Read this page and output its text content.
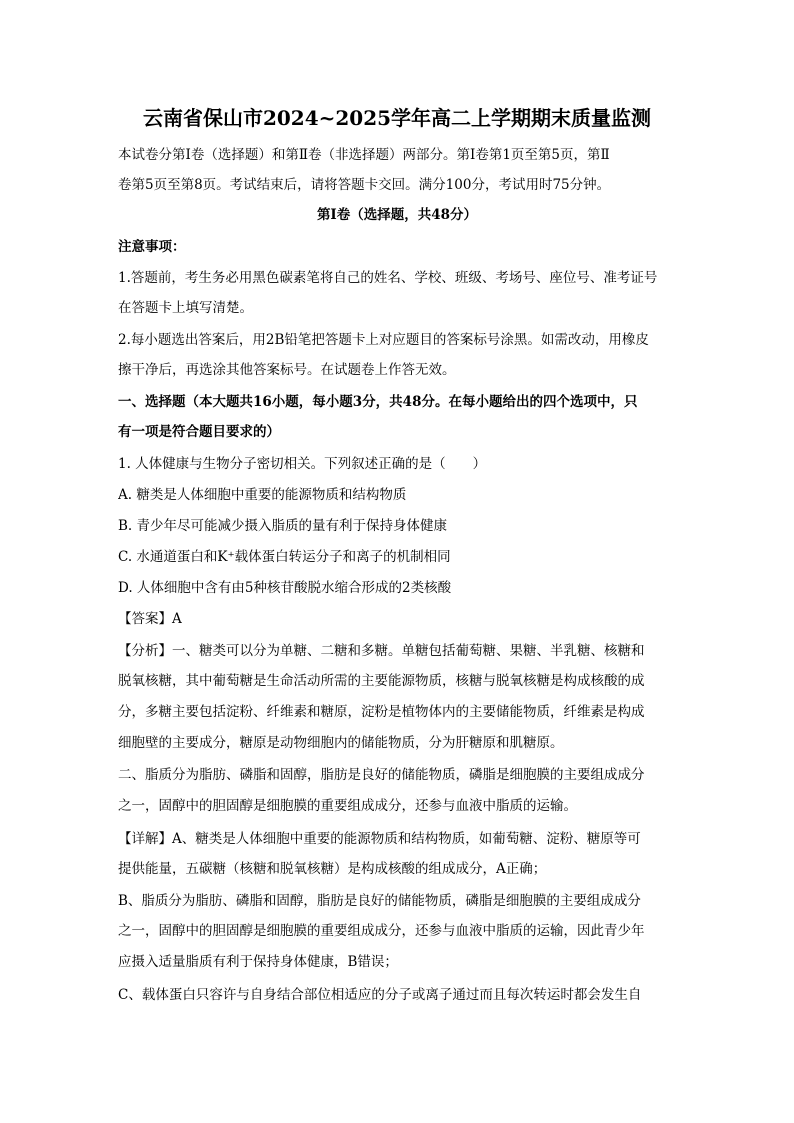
云南省保山市2024~2025学年高二上学期期末质量监测
本试卷分第Ⅰ卷（选择题）和第Ⅱ卷（非选择题）两部分。第Ⅰ卷第1页至第5页，第Ⅱ
卷第5页至第8页。考试结束后，请将答题卡交回。满分100分，考试用时75分钟。
第Ⅰ卷（选择题，共48分）
注意事项：
1.答题前，考生务必用黑色碳素笔将自己的姓名、学校、班级、考场号、座位号、准考证号
在答题卡上填写清楚。
2.每小题选出答案后，用2B铅笔把答题卡上对应题目的答案标号涂黑。如需改动，用橡皮
擦干净后，再选涂其他答案标号。在试题卷上作答无效。
一、选择题（本大题共16小题，每小题3分，共48分。在每小题给出的四个选项中，只
有一项是符合题目要求的）
1. 人体健康与生物分子密切相关。下列叙述正确的是（　　）
A. 糖类是人体细胞中重要的能源物质和结构物质
B. 青少年尽可能减少摄入脂质的量有利于保持身体健康
C. 水通道蛋白和K⁺载体蛋白转运分子和离子的机制相同
D. 人体细胞中含有由5种核苷酸脱水缩合形成的2类核酸
【答案】A
【分析】一、糖类可以分为单糖、二糖和多糖。单糖包括葡萄糖、果糖、半乳糖、核糖和
脱氧核糖，其中葡萄糖是生命活动所需的主要能源物质，核糖与脱氧核糖是构成核酸的成
分，多糖主要包括淀粉、纤维素和糖原，淀粉是植物体内的主要储能物质，纤维素是构成
细胞壁的主要成分，糖原是动物细胞内的储能物质，分为肝糖原和肌糖原。
二、脂质分为脂肪、磷脂和固醇，脂肪是良好的储能物质，磷脂是细胞膜的主要组成成分
之一，固醇中的胆固醇是细胞膜的重要组成成分，还参与血液中脂质的运输。
【详解】A、糖类是人体细胞中重要的能源物质和结构物质，如葡萄糖、淀粉、糖原等可
提供能量，五碳糖（核糖和脱氧核糖）是构成核酸的组成成分，A正确；
B、脂质分为脂肪、磷脂和固醇，脂肪是良好的储能物质，磷脂是细胞膜的主要组成成分
之一，固醇中的胆固醇是细胞膜的重要组成成分，还参与血液中脂质的运输，因此青少年
应摄入适量脂质有利于保持身体健康，B错误；
C、载体蛋白只容许与自身结合部位相适应的分子或离子通过而且每次转运时都会发生自
